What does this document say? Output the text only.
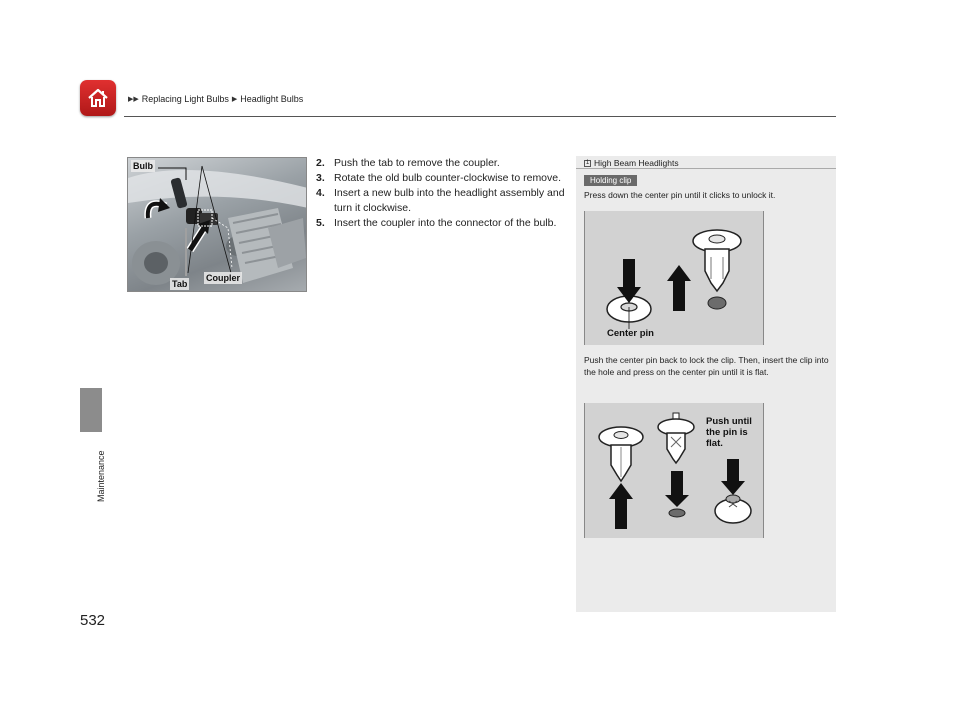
▶▶ Replacing Light Bulbs ▶ Headlight Bulbs
Maintenance
Bulb
Tab
Coupler
2. Push the tab to remove the coupler.
3. Rotate the old bulb counter-clockwise to remove.
4. Insert a new bulb into the headlight assembly and turn it clockwise.
5. Insert the coupler into the connector of the bulb.
1 High Beam Headlights
Holding clip
Press down the center pin until it clicks to unlock it.
Center pin
Push the center pin back to lock the clip. Then, insert the clip into the hole and press on the center pin until it is flat.
Push until
the pin is
flat.
532
